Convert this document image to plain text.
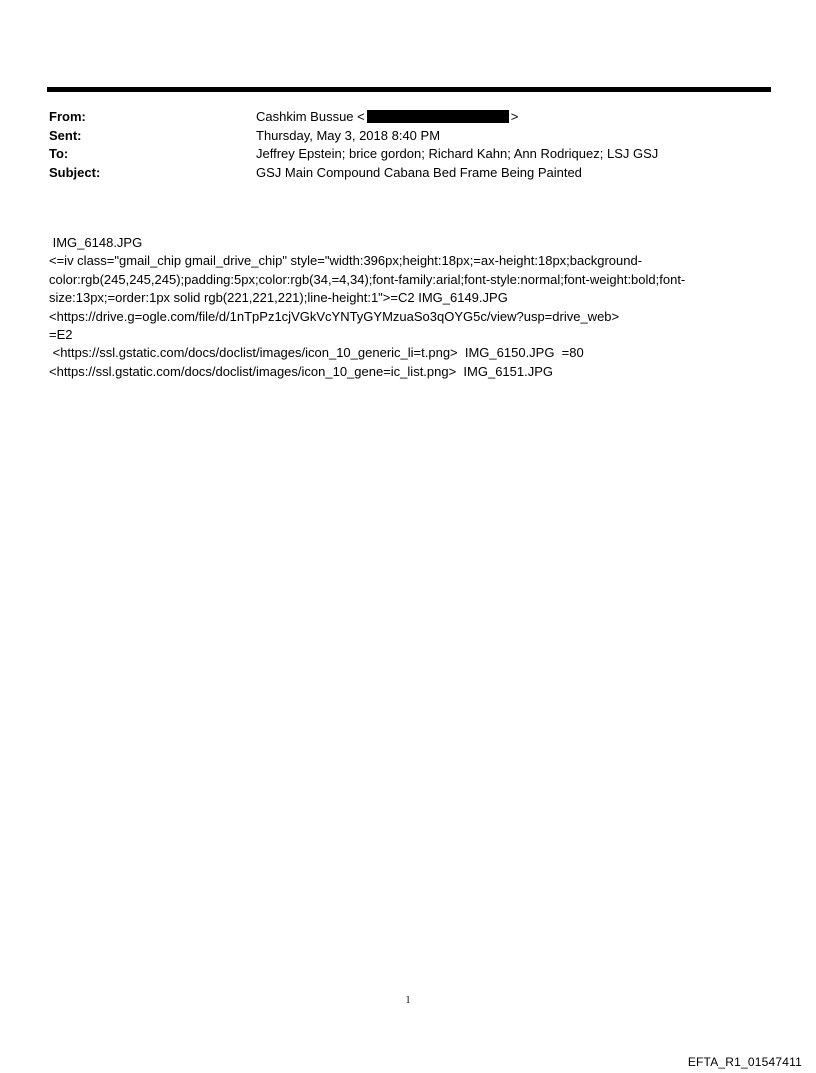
From:	Cashkim Bussue <	>
Sent:	Thursday, May 3, 2018 8:40 PM
To:	Jeffrey Epstein; brice gordon; Richard Kahn; Ann Rodriquez; LSJ GSJ
Subject:	GSJ Main Compound Cabana Bed Frame Being Painted
IMG_6148.JPG
<=iv class="gmail_chip gmail_drive_chip" style="width:396px;height:18px;=ax-height:18px;background-
color:rgb(245,245,245);padding:5px;color:rgb(34,=4,34);font-family:arial;font-style:normal;font-weight:bold;font-
size:13px;=order:1px solid rgb(221,221,221);line-height:1">=C2 IMG_6149.JPG
<https://drive.g=ogle.com/file/d/1nTpPz1cjVGkVcYNTyGYMzuaSo3qOYG5c/view?usp=drive_web>
=E2
<https://ssl.gstatic.com/docs/doclist/images/icon_10_generic_li=t.png>  IMG_6150.JPG  =80
<https://ssl.gstatic.com/docs/doclist/images/icon_10_gene=ic_list.png>  IMG_6151.JPG
1
EFTA_R1_01547411
